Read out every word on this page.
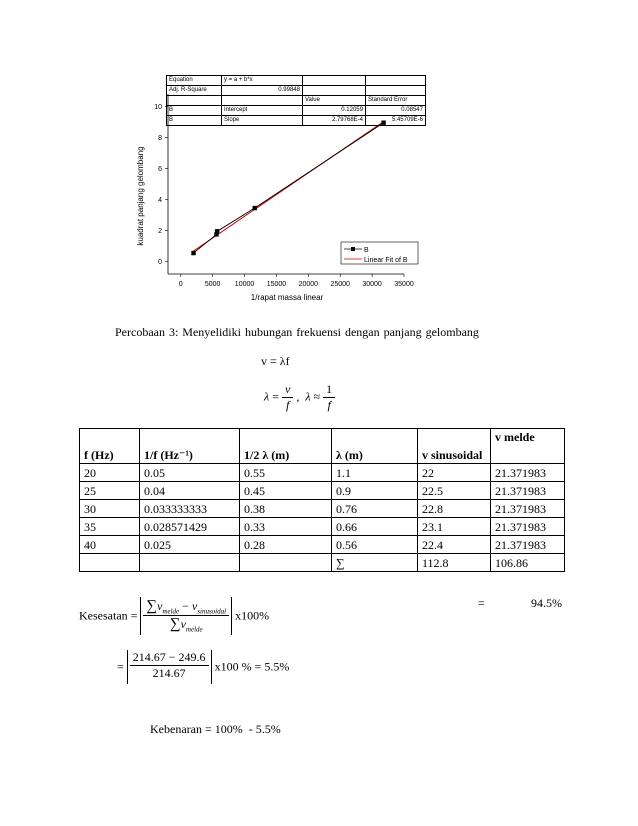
0	5000 10000 15000 20000 25000 30000 35000
0
2
4
6
8
10
1/rapat massa linear
kuadrat panjang gelombang
B
Linear Fit of B
Equation	y = a + b*x		
Adj. R-Square	0.99848		
		Value	Standard Error
B	Intercept	0.12059	0.08547
B	Slope	2.79768E-4	5.45709E-6
Percobaan 3: Menyelidiki hubungan frekuensi dengan panjang gelombang
v = λf
$\lambda = \frac{v}{f}$ , $\lambda \approx \frac{1}{f}$
f (Hz)	1/f (Hz⁻¹)	1/2 λ (m)	λ (m)	v sinusoidal	v melde
20	0.05	0.55	1.1	22	21.371983
25	0.04	0.45	0.9	22.5	21.371983
30	0.033333333	0.38	0.76	22.8	21.371983
35	0.028571429	0.33	0.66	23.1	21.371983
40	0.025	0.28	0.56	22.4	21.371983
			∑	112.8	106.86
Kesesatan = $\frac{\sum v_{melde} - v_{sinusoidal}}{\sum v_{melde}} x100\%$
=	94.5%
= $\frac{214.67 - 249.6}{214.67} x100$ % = 5.5%
Kebenaran = 100%  - 5.5%
